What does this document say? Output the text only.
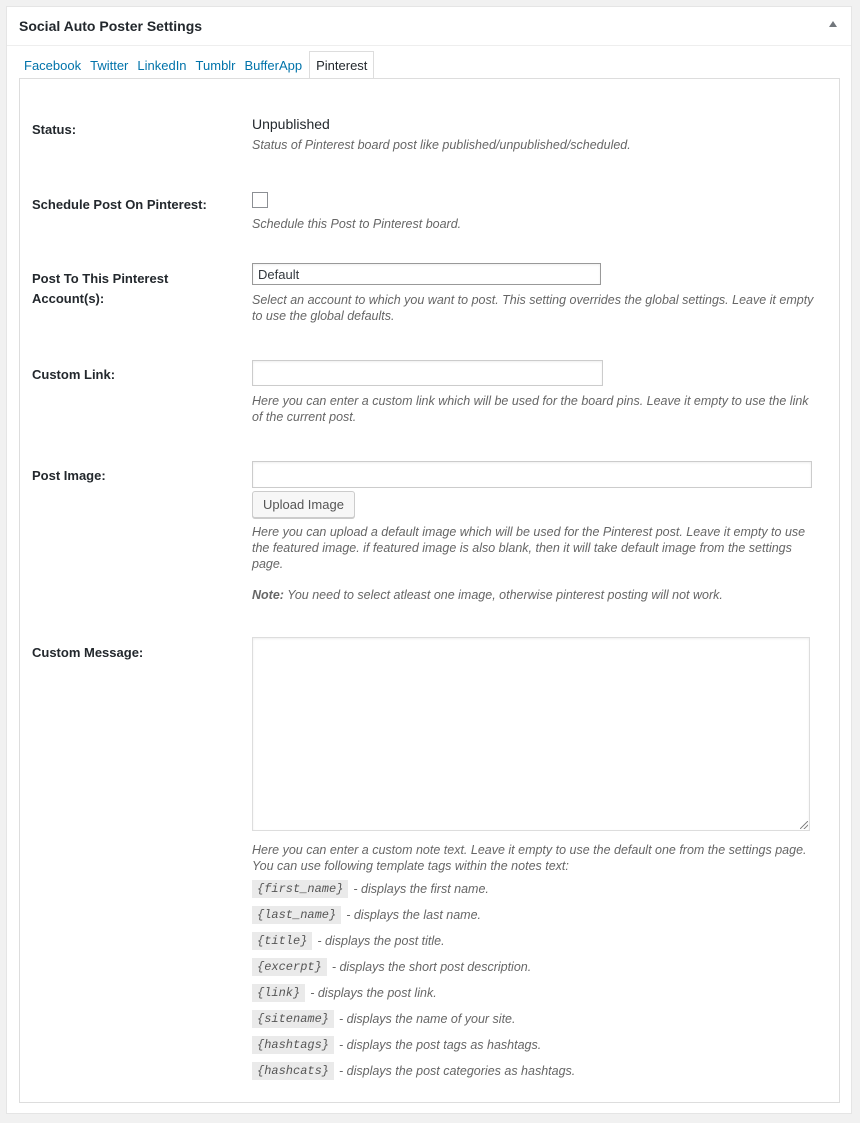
Social Auto Poster Settings
Facebook Twitter LinkedIn Tumblr BufferApp	Pinterest
Status:	Unpublished
Status of Pinterest board post like published/unpublished/scheduled.
Schedule Post On Pinterest:
Schedule this Post to Pinterest board.
Post To This Pinterest
Account(s):
Default	Select an account to which you want to post. This setting overrides the global settings. Leave it empty
to use the global defaults.
Custom Link:
Here you can enter a custom link which will be used for the board pins. Leave it empty to use the link
of the current post.
Post Image:
Upload Image
Here you can upload a default image which will be used for the Pinterest post. Leave it empty to use
the featured image. if featured image is also blank, then it will take default image from the settings
page.
Note: You need to select atleast one image, otherwise pinterest posting will not work.
Custom Message:
Here you can enter a custom note text. Leave it empty to use the default one from the settings page.
You can use following template tags within the notes text:
{first_name} - displays the first name.
{last_name} - displays the last name.
{title} - displays the post title.
{excerpt} - displays the short post description.
{link} - displays the post link.
{sitename} - displays the name of your site.
{hashtags} - displays the post tags as hashtags.
{hashcats} - displays the post categories as hashtags.
